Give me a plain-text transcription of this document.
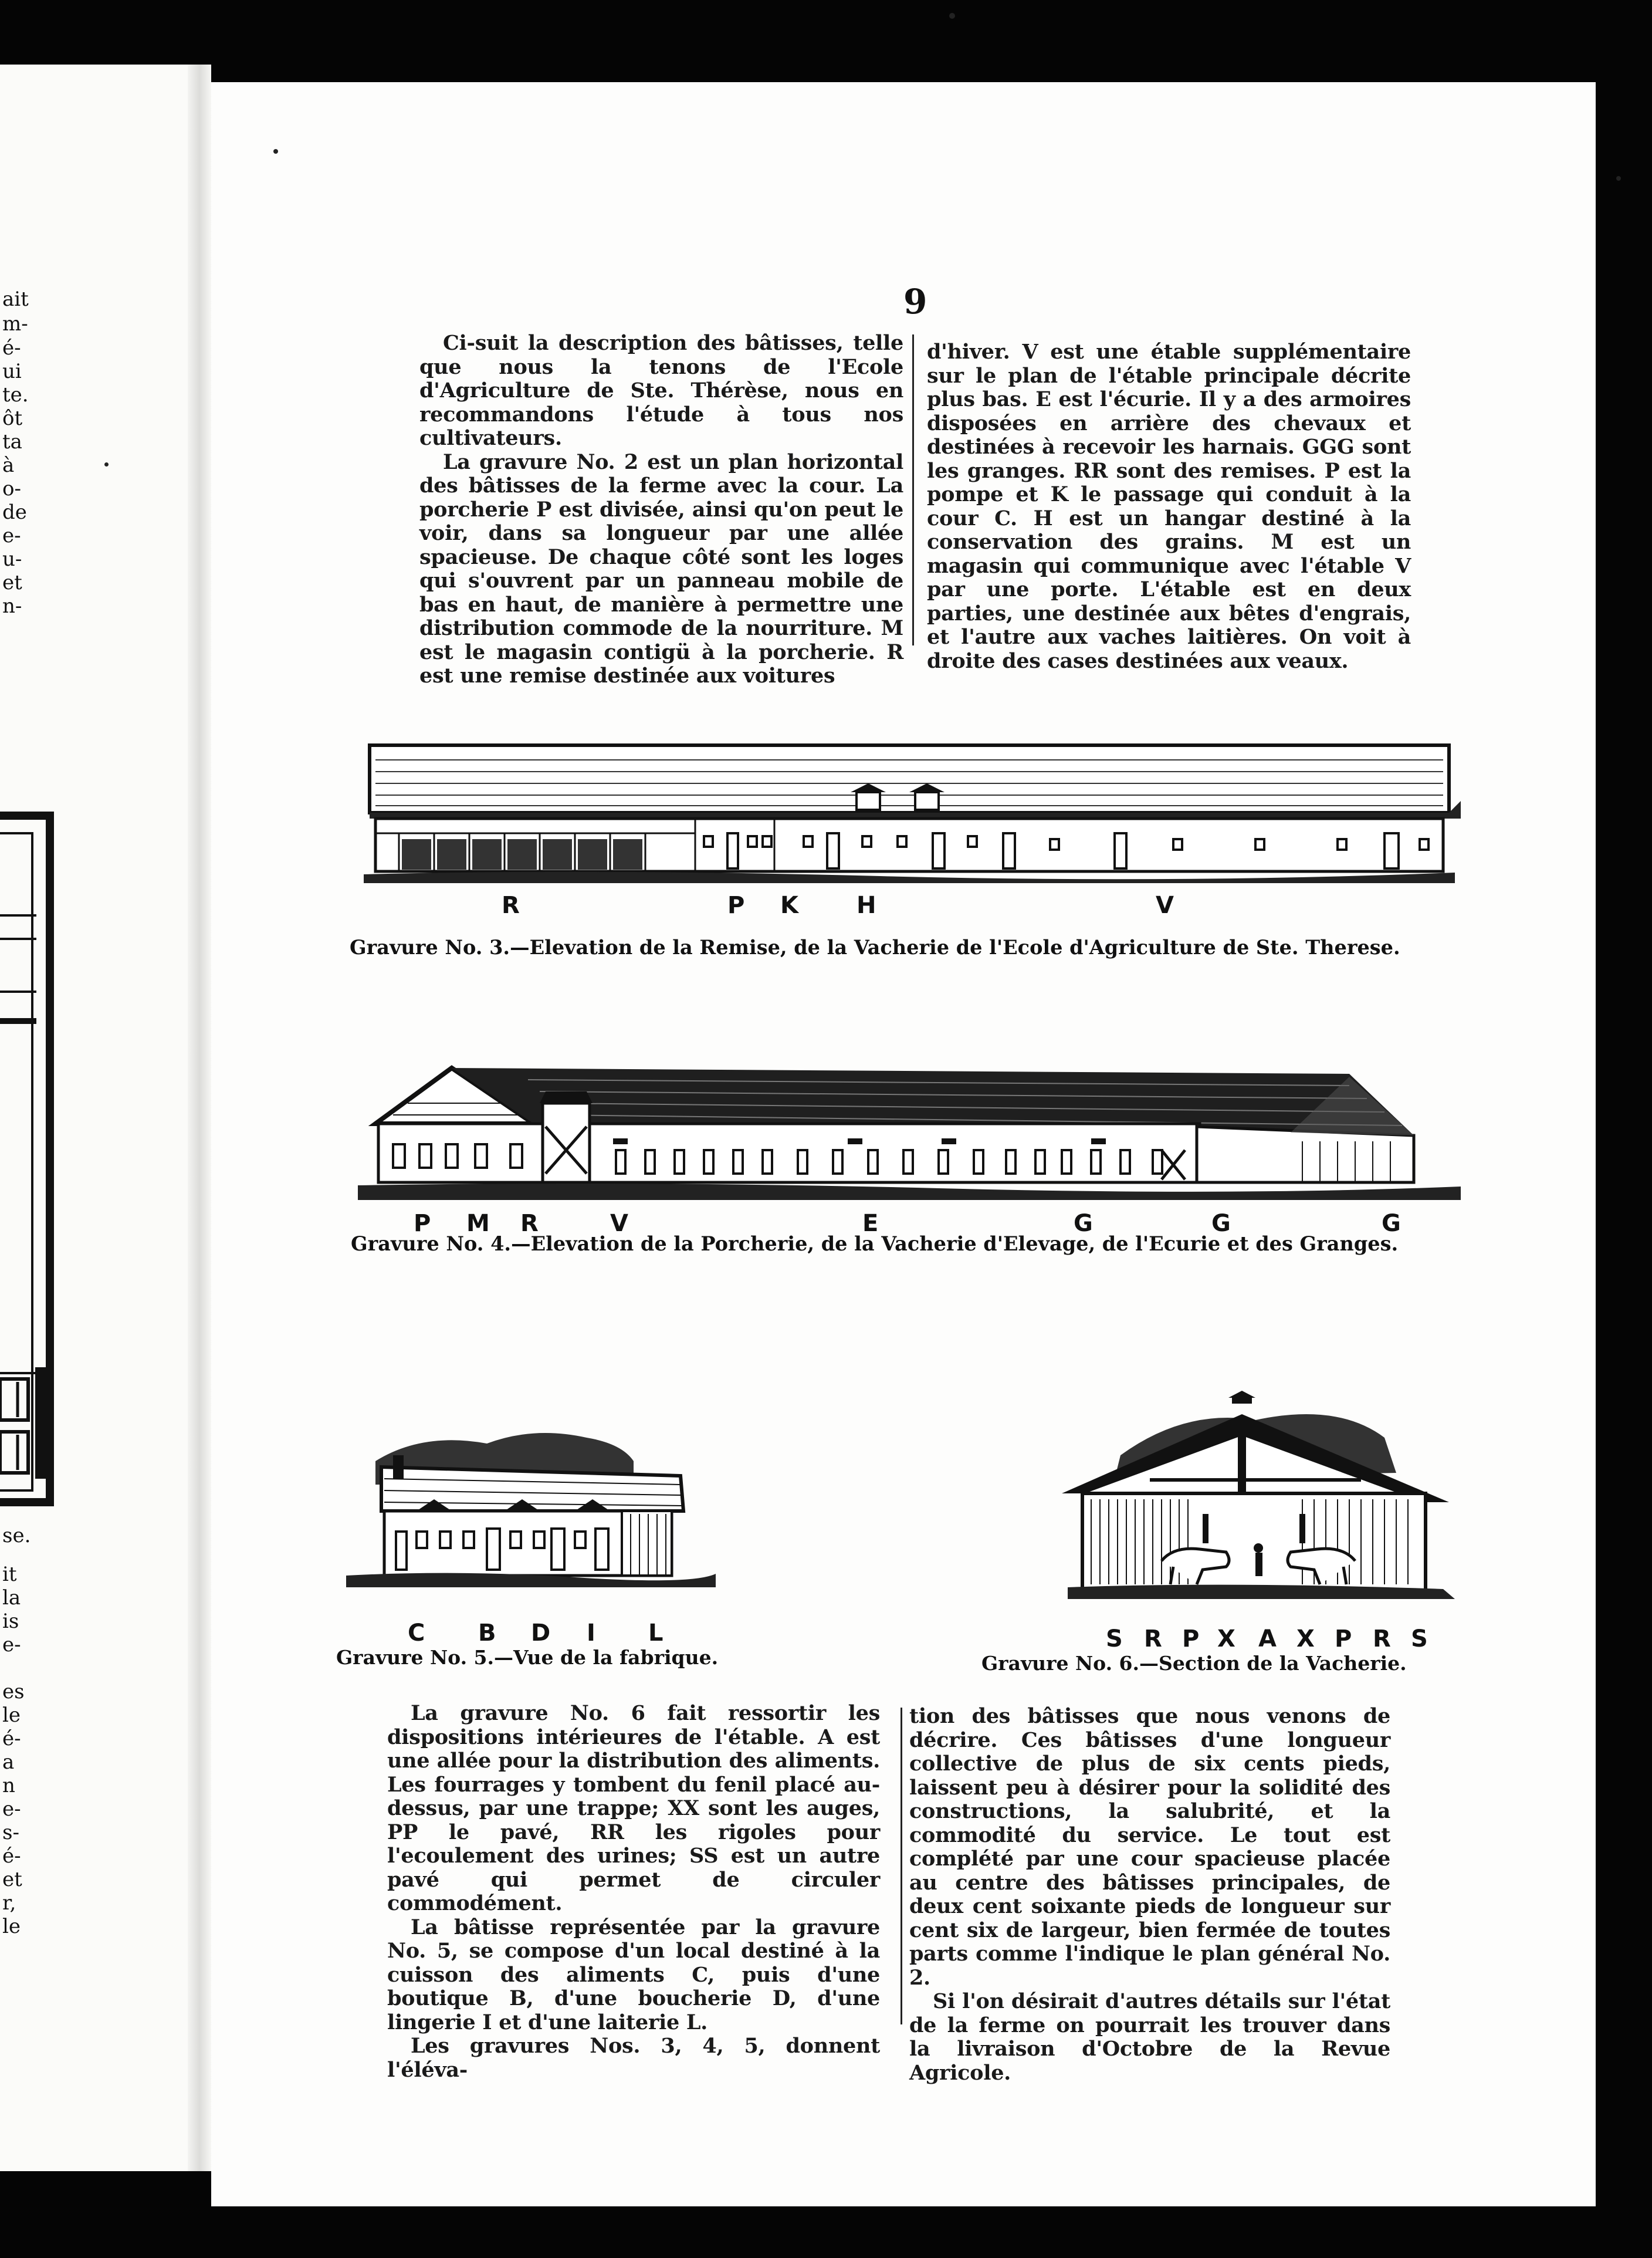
ait
m-
é-
ui
te.
ôt
ta
à
o-
de
e-
u-
et
n-
se.
it
la
is
e-
es
le
é-
a
n
e-
s-
é-
et
r,
le
9

Ci-suit la description des bâtisses, telle que nous la tenons de l'Ecole d'Agriculture de Ste. Thérèse, nous en recommandons l'étude à tous nos cultivateurs.

La gravure No. 2 est un plan horizontal des bâtisses de la ferme avec la cour. La porcherie P est divisée, ainsi qu'on peut le voir, dans sa longueur par une allée spacieuse. De chaque côté sont les loges qui s'ouvrent par un panneau mobile de bas en haut, de manière à permettre une distribution commode de la nourriture. M est le magasin contigü à la porcherie. R est une remise destinée aux voitures

d'hiver. V est une étable supplémentaire sur le plan de l'étable principale décrite plus bas. E est l'écurie. Il y a des armoires disposées en arrière des chevaux et destinées à recevoir les harnais. GGG sont les granges. RR sont des remises. P est la pompe et K le passage qui conduit à la cour C. H est un hangar destiné à la conservation des grains. M est un magasin qui communique avec l'étable V par une porte. L'étable est en deux parties, une destinée aux bêtes d'engrais, et l'autre aux vaches laitières. On voit à droite des cases destinées aux veaux.

R	P K H	V
Gravure No. 3.—Elevation de la Remise, de la Vacherie de l'Ecole d'Agriculture de Ste. Therese.
P M R	V	E	G	G	G
Gravure No. 4.—Elevation de la Porcherie, de la Vacherie d'Elevage, de l'Ecurie et des Granges.
C B D I L
Gravure No. 5.—Vue de la fabrique.
S R P X A X P R S
Gravure No. 6.—Section de la Vacherie.

La gravure No. 6 fait ressortir les dispositions intérieures de l'étable. A est une allée pour la distribution des aliments. Les fourrages y tombent du fenil placé au-dessus, par une trappe; XX sont les auges, PP le pavé, RR les rigoles pour l'ecoulement des urines; SS est un autre pavé qui permet de circuler commodément.

La bâtisse représentée par la gravure No. 5, se compose d'un local destiné à la cuisson des aliments C, puis d'une boutique B, d'une boucherie D, d'une lingerie I et d'une laiterie L.

Les gravures Nos. 3, 4, 5, donnent l'éléva-

tion des bâtisses que nous venons de décrire. Ces bâtisses d'une longueur collective de plus de six cents pieds, laissent peu à désirer pour la solidité des constructions, la salubrité, et la commodité du service. Le tout est complété par une cour spacieuse placée au centre des bâtisses principales, de deux cent soixante pieds de longueur sur cent six de largeur, bien fermée de toutes parts comme l'indique le plan général No. 2.

Si l'on désirait d'autres détails sur l'état de la ferme on pourrait les trouver dans la livraison d'Octobre de la Revue Agricole.
